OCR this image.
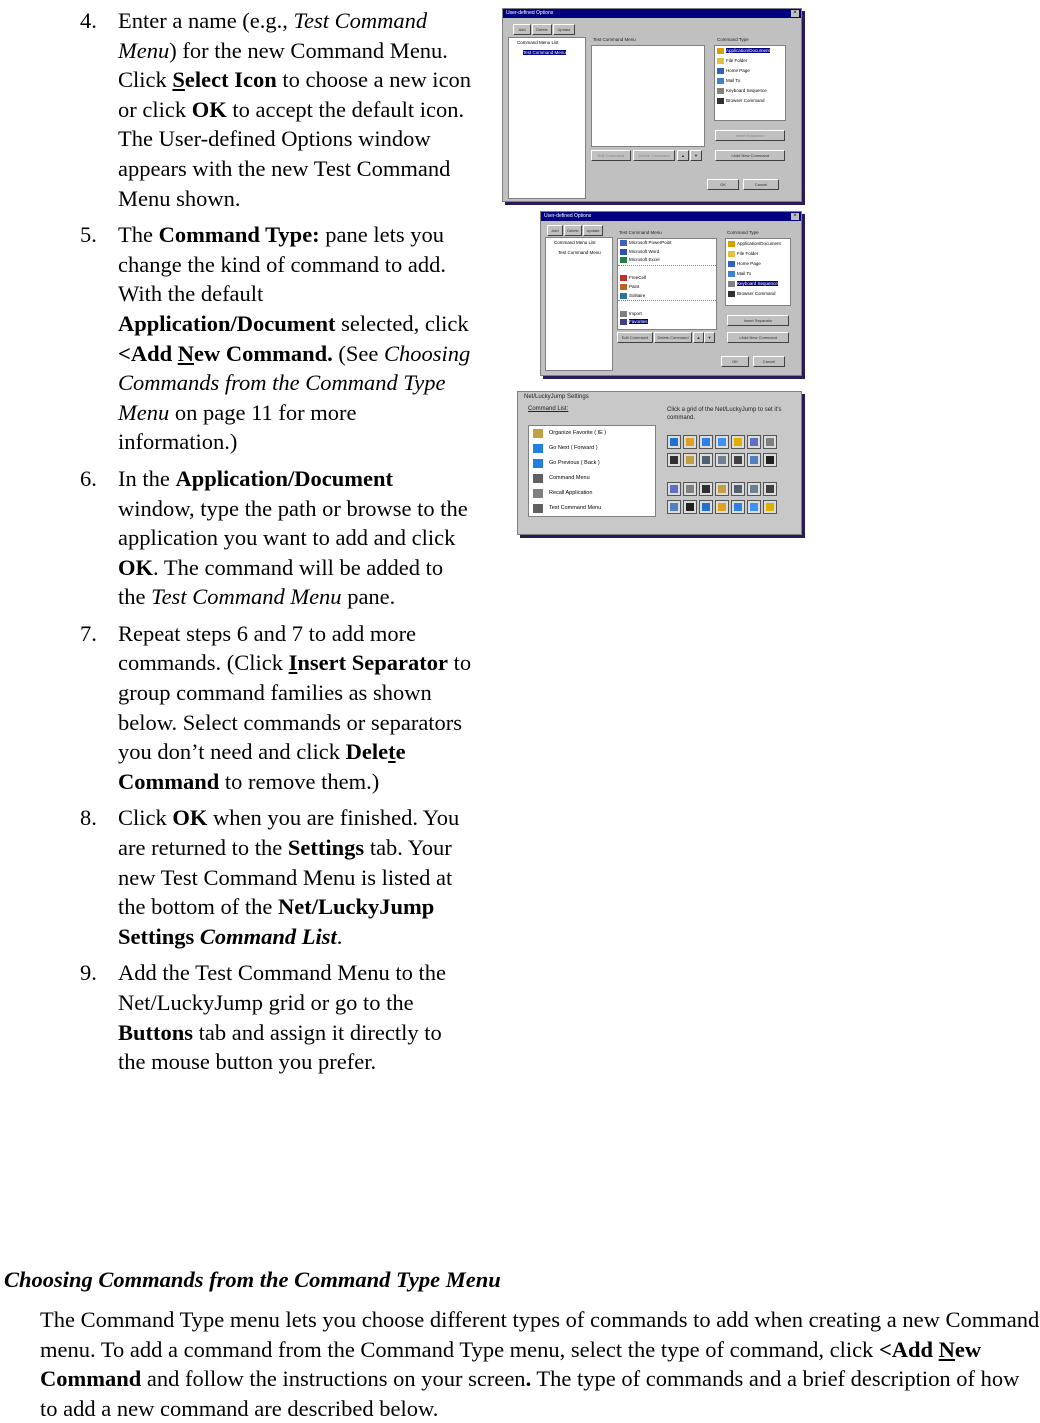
4. Enter a name (e.g., Test Command Menu) for the new Command Menu. Click Select Icon to choose a new icon or click OK to accept the default icon. The User-defined Options window appears with the new Test Command Menu shown.
5. The Command Type: pane lets you change the kind of command to add. With the default Application/Document selected, click <Add New Command. (See Choosing Commands from the Command Type Menu on page 11 for more information.)
6. In the Application/Document window, type the path or browse to the application you want to add and click OK. The command will be added to the Test Command Menu pane.
7. Repeat steps 6 and 7 to add more commands. (Click Insert Separator to group command families as shown below. Select commands or separators you don’t need and click Delete Command to remove them.)
8. Click OK when you are finished. You are returned to the Settings tab. Your new Test Command Menu is listed at the bottom of the Net/LuckyJump Settings Command List.
9. Add the Test Command Menu to the Net/LuckyJump grid or go to the Buttons tab and assign it directly to the mouse button you prefer.
User-defined Options	×
Add	Delete	Update
Command Menu List
Test Command Menu
Test Command Menu	Command Type
Application/Document
File Folder
Home Page
Mail To
Keyboard Sequence
Browser Command
Insert Separator
Edit Command	Delete Command	▲	▼	<Add New Command
OK	Cancel
User-defined Options	×
Add	Delete	Update
Command Menu List
Test Command Menu
Test Command Menu
Microsoft PowerPoint
Microsoft Word
Microsoft Excel
FreeCell
Paint
Solitaire
Import
Favorites
Command Type
Application/Document
File Folder
Home Page
Mail To
Keyboard Sequence
Browser Command
Insert Separator
Edit Command	Delete Command	▲	▼	<Add New Command
OK	Cancel
Net/LuckyJump Settings
Command List:
Organize Favorite ( IE )
Go Next ( Forward )
Go Previous ( Back )
Command Menu
Recall Application
Test Command Menu
Click a grid of the Net/LuckyJump to set it's command.
Choosing Commands from the Command Type Menu
The Command Type menu lets you choose different types of commands to add when creating a new Command menu. To add a command from the Command Type menu, select the type of command, click <Add New Command and follow the instructions on your screen. The type of commands and a brief description of how to add a new command are described below.
